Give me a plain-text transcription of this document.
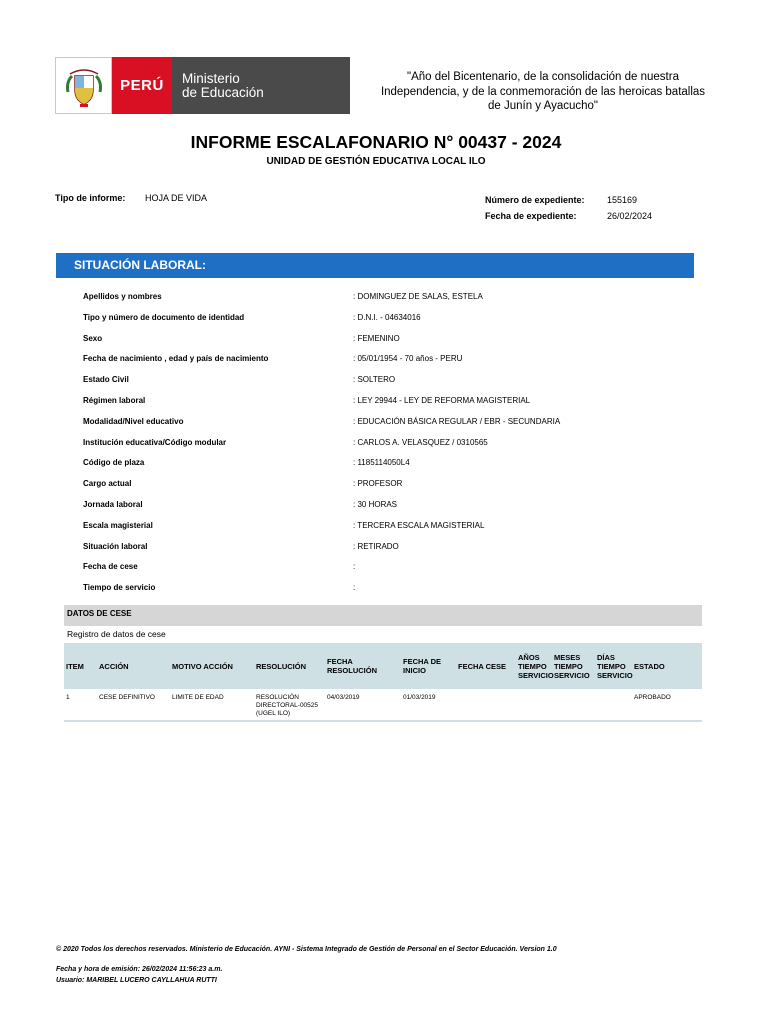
PERÚ	Ministerio
de Educación
"Año del Bicentenario, de la consolidación de nuestra
Independencia, y de la conmemoración de las heroicas batallas
de Junín y Ayacucho"
INFORME ESCALAFONARIO N° 00437 - 2024
UNIDAD DE GESTIÓN EDUCATIVA LOCAL ILO
Tipo de informe: HOJA DE VIDA	Número de expediente: 155169
Fecha de expediente:	26/02/2024
SITUACIÓN LABORAL:
Apellidos y nombres	: DOMINGUEZ DE SALAS, ESTELA
Tipo y número de documento de identidad	: D.N.I. - 04634016
Sexo	: FEMENINO
Fecha de nacimiento , edad y país de nacimiento	: 05/01/1954 - 70 años - PERU
Estado Civil	: SOLTERO
Régimen laboral	: LEY 29944 - LEY DE REFORMA MAGISTERIAL
Modalidad/Nivel educativo	: EDUCACIÓN BÁSICA REGULAR / EBR - SECUNDARIA
Institución educativa/Código modular	: CARLOS A. VELASQUEZ / 0310565
Código de plaza	: 1185114050L4
Cargo actual	: PROFESOR
Jornada laboral	: 30 HORAS
Escala magisterial	: TERCERA ESCALA MAGISTERIAL
Situación laboral	: RETIRADO
Fecha de cese	:
Tiempo de servicio	:
DATOS DE CESE
Registro de datos de cese
ITEM	ACCIÓN	MOTIVO ACCIÓN	RESOLUCIÓN	FECHA RESOLUCIÓN	FECHA DE INICIO	FECHA CESE	AÑOS TIEMPO SERVICIO	MESES TIEMPO SERVICIO	DÍAS TIEMPO SERVICIO	ESTADO
1	CESE DEFINITIVO	LIMITE DE EDAD	RESOLUCIÓN DIRECTORAL-00525 (UGEL ILO)	04/03/2019	01/03/2019					APROBADO
© 2020 Todos los derechos reservados. Ministerio de Educación. AYNI - Sistema Integrado de Gestión de Personal en el Sector Educación. Version 1.0
Fecha y hora de emisión: 26/02/2024 11:56:23 a.m.
Usuario: MARIBEL LUCERO CAYLLAHUA RUTTI
